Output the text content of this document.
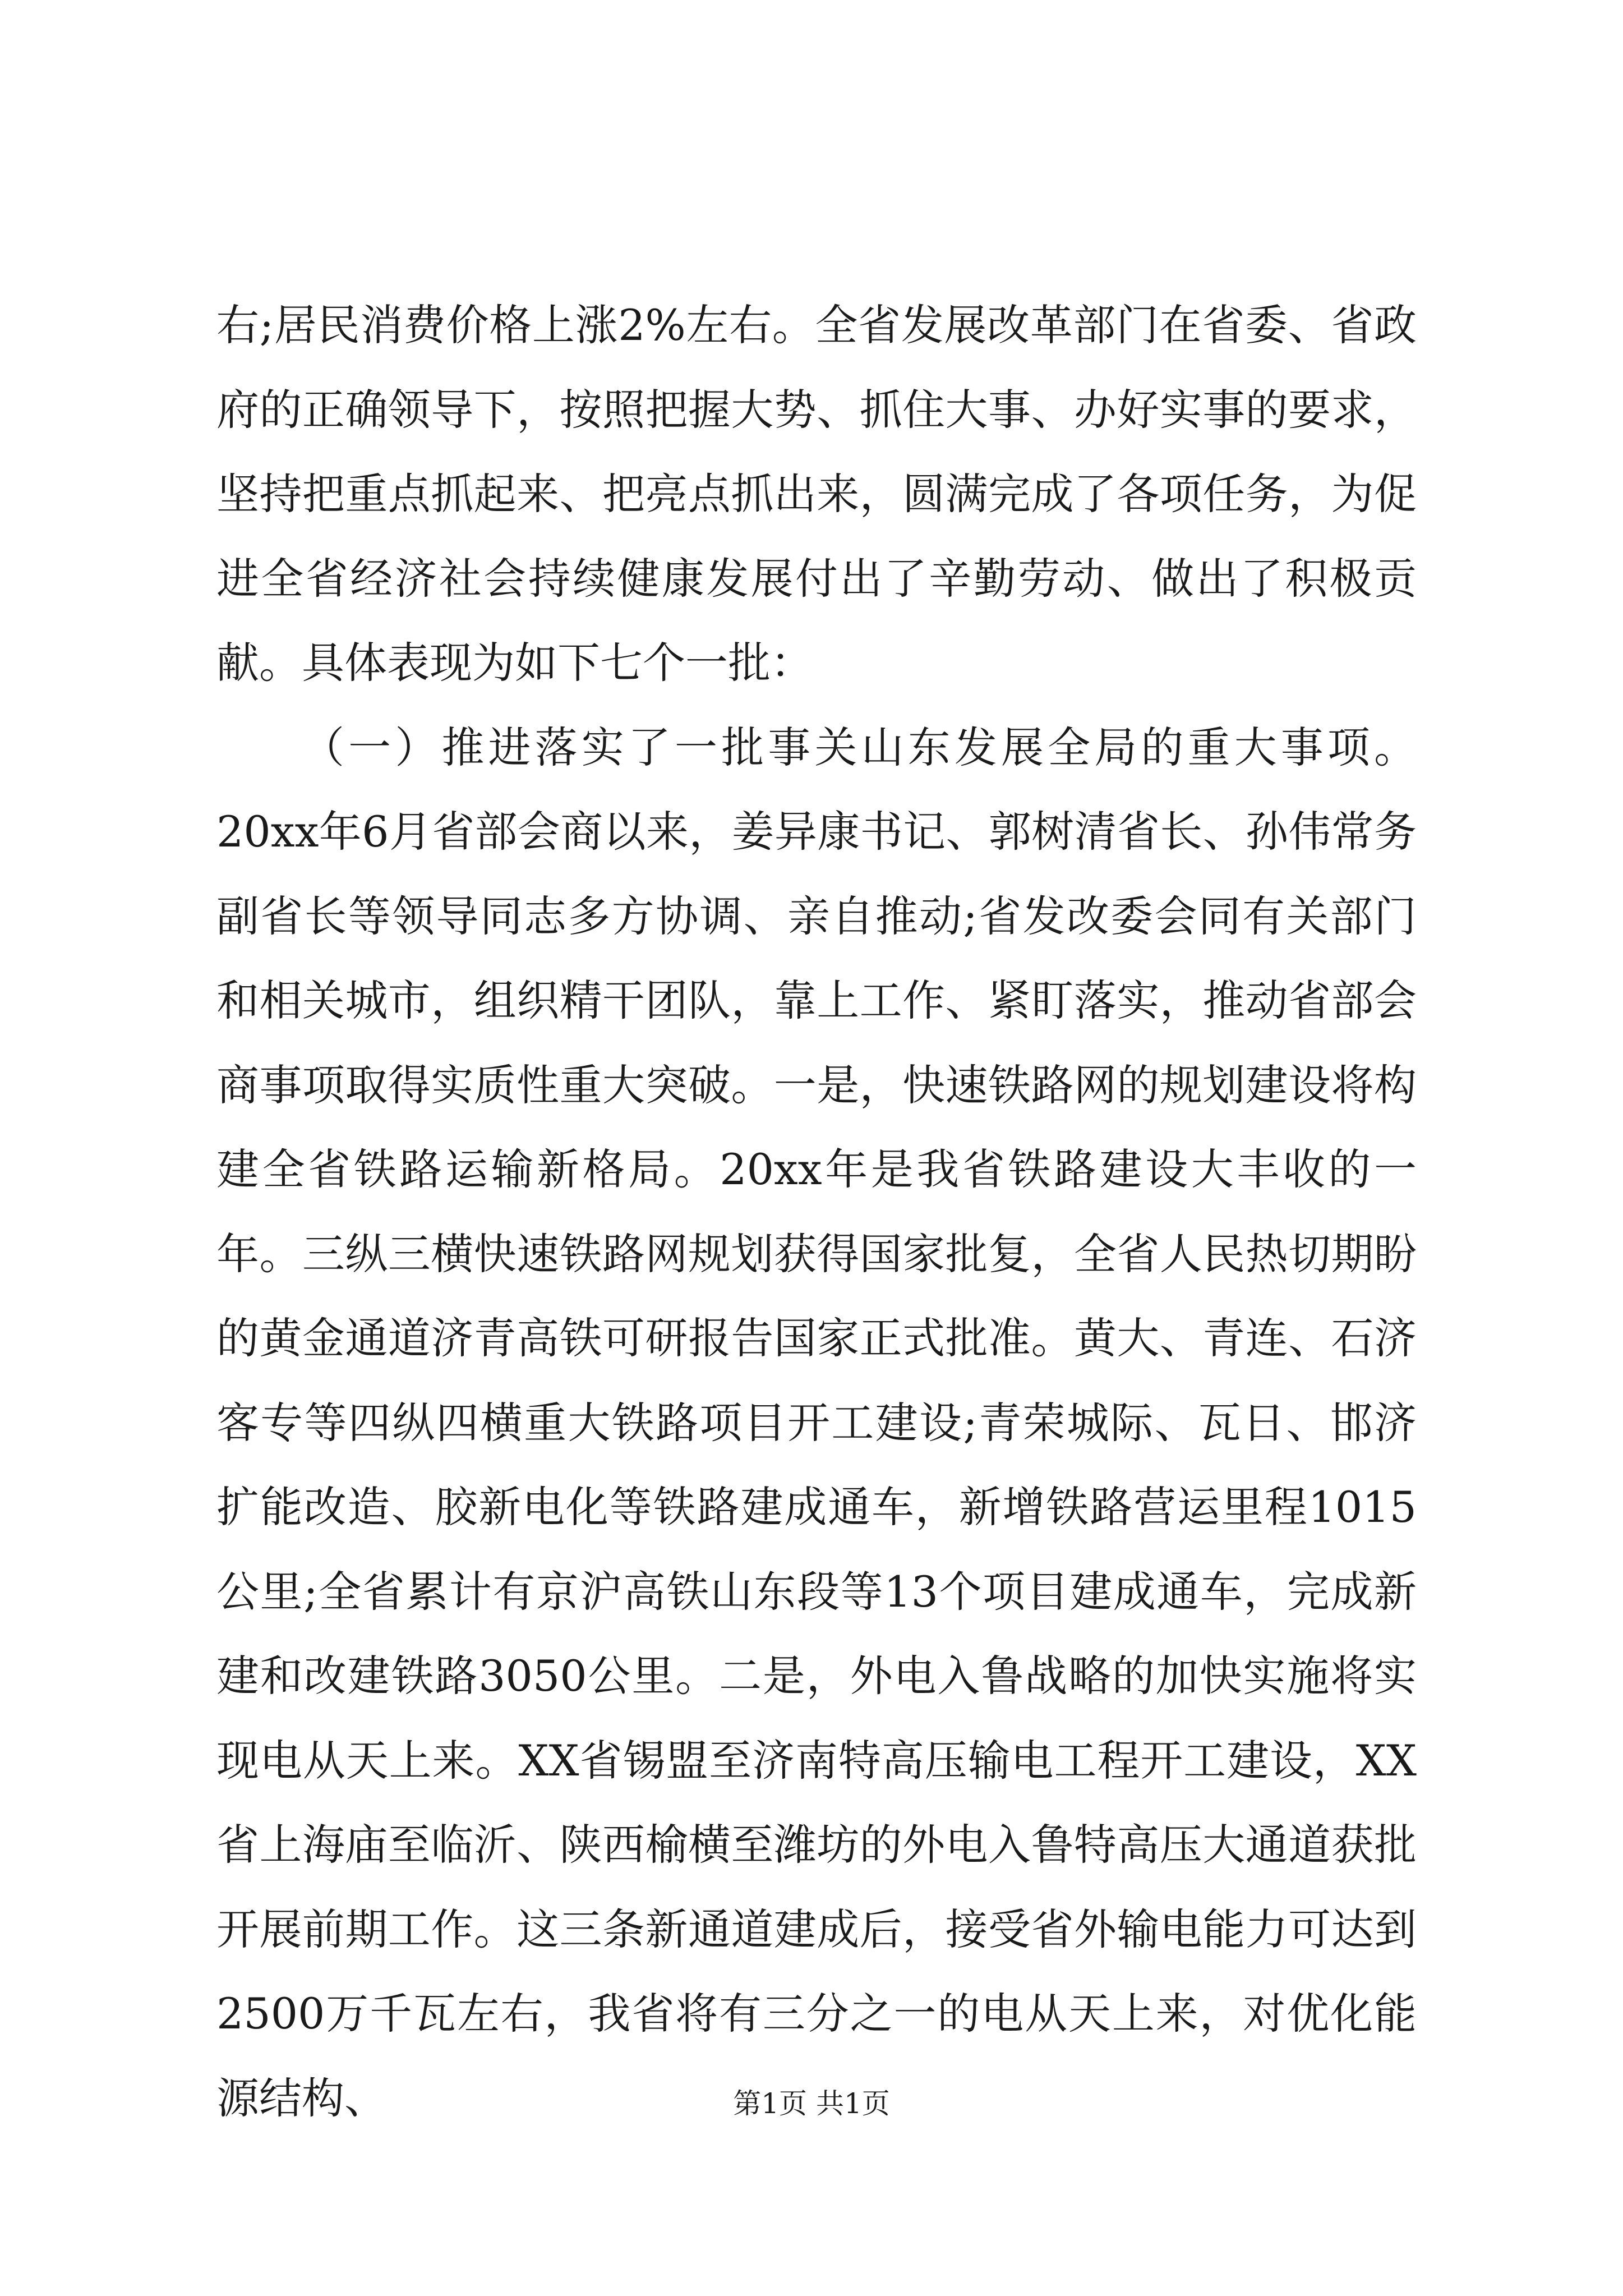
右;居民消费价格上涨2%左右。全省发展改革部门在省委、省政府的正确领导下，按照把握大势、抓住大事、办好实事的要求，坚持把重点抓起来、把亮点抓出来，圆满完成了各项任务，为促进全省经济社会持续健康发展付出了辛勤劳动、做出了积极贡献。具体表现为如下七个一批：

（一）推进落实了一批事关山东发展全局的重大事项。20xx年6月省部会商以来，姜异康书记、郭树清省长、孙伟常务副省长等领导同志多方协调、亲自推动;省发改委会同有关部门和相关城市，组织精干团队，靠上工作、紧盯落实，推动省部会商事项取得实质性重大突破。一是，快速铁路网的规划建设将构建全省铁路运输新格局。20xx年是我省铁路建设大丰收的一年。三纵三横快速铁路网规划获得国家批复，全省人民热切期盼的黄金通道济青高铁可研报告国家正式批准。黄大、青连、石济客专等四纵四横重大铁路项目开工建设;青荣城际、瓦日、邯济扩能改造、胶新电化等铁路建成通车，新增铁路营运里程1015公里;全省累计有京沪高铁山东段等13个项目建成通车，完成新建和改建铁路3050公里。二是，外电入鲁战略的加快实施将实现电从天上来。XX省锡盟至济南特高压输电工程开工建设，XX省上海庙至临沂、陕西榆横至潍坊的外电入鲁特高压大通道获批开展前期工作。这三条新通道建成后，接受省外输电能力可达到2500万千瓦左右，我省将有三分之一的电从天上来，对优化能源结构、	第1页 共1页
